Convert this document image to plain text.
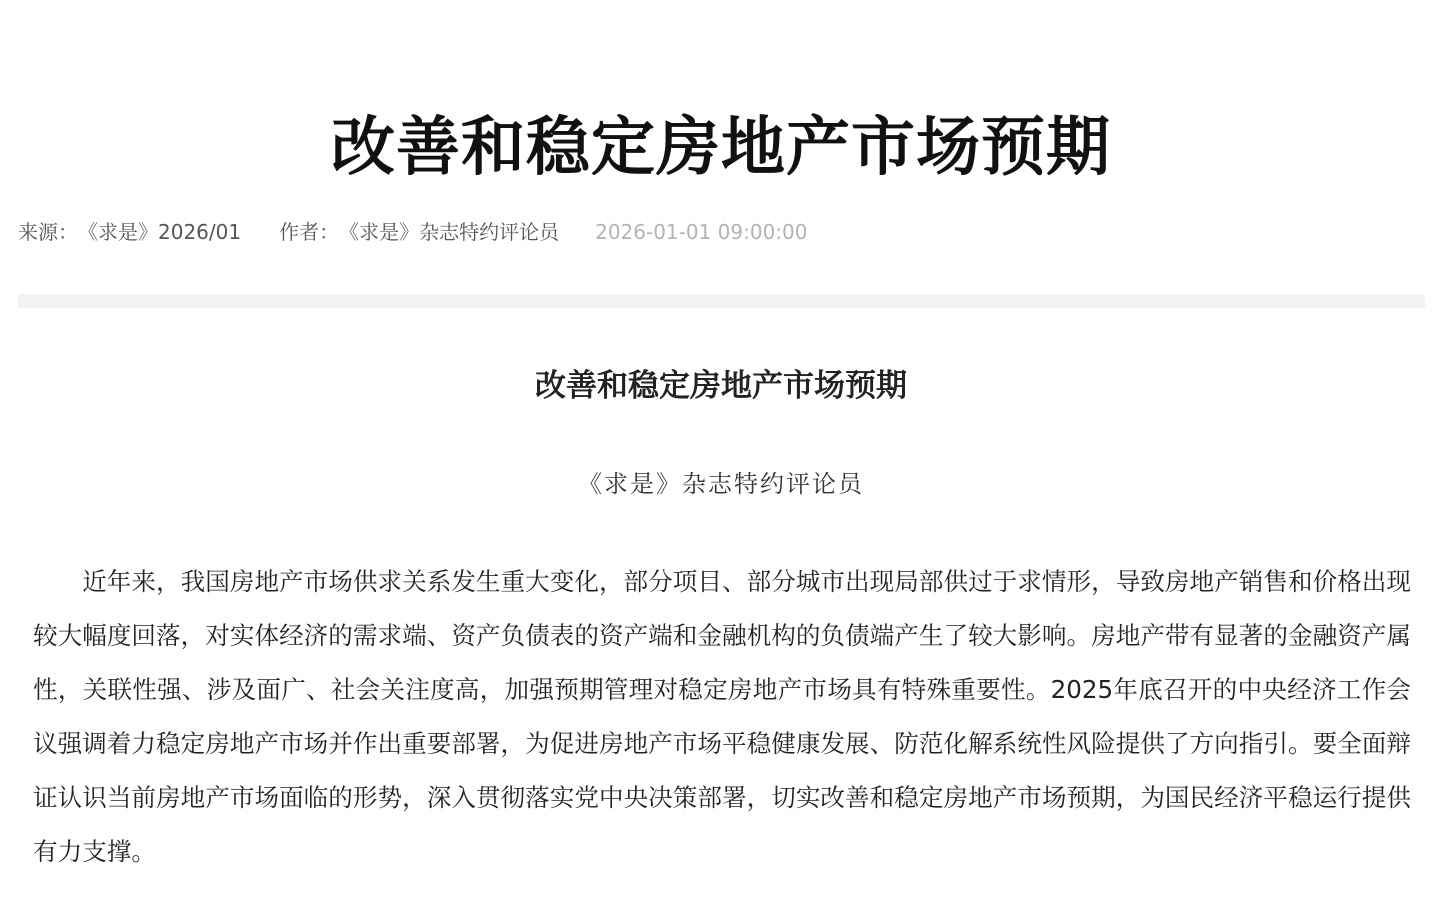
改善和稳定房地产市场预期
来源： 《求是》2026/01 作者： 《求是》杂志特约评论员 2026-01-01 09:00:00
改善和稳定房地产市场预期

《求是》杂志特约评论员

近年来，我国房地产市场供求关系发生重大变化，部分项目、部分城市出现局部供过于求情形，导致房地产销售和价格出现较大幅度回落，对实体经济的需求端、资产负债表的资产端和金融机构的负债端产生了较大影响。房地产带有显著的金融资产属性，关联性强、涉及面广、社会关注度高，加强预期管理对稳定房地产市场具有特殊重要性。2025年底召开的中央经济工作会议强调着力稳定房地产市场并作出重要部署，为促进房地产市场平稳健康发展、防范化解系统性风险提供了方向指引。要全面辩证认识当前房地产市场面临的形势，深入贯彻落实党中央决策部署，切实改善和稳定房地产市场预期，为国民经济平稳运行提供有力支撑。
